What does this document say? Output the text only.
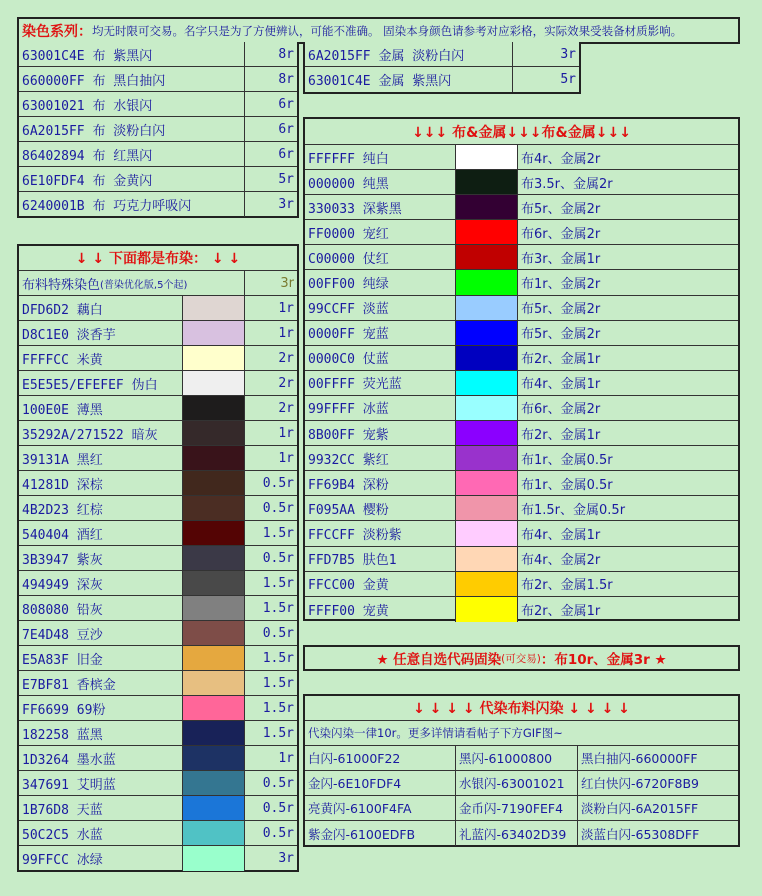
染色系列： 均无时限可交易。名字只是为了方便辨认，可能不准确。 固染本身颜色请参考对应彩格，实际效果受装备材质影响。
63001C4E 布 紫黑闪	8r
660000FF 布 黑白抽闪	8r
63001021 布 水银闪	6r
6A2015FF 布 淡粉白闪	6r
86402894 布 红黑闪	6r
6E10FDF4 布 金黄闪	5r
6240001B 布 巧克力呼吸闪	3r
6A2015FF 金属 淡粉白闪	3r
63001C4E 金属 紫黑闪	5r
↓ ↓ 下面都是布染： ↓ ↓
布料特殊染色 (普染优化版,5个起)	3r
DFD6D2 藕白	1r
D8C1E0 淡香芋	1r
FFFFCC 米黄	2r
E5E5E5/EFEFEF 伪白	2r
100E0E 薄黑	2r
35292A/271522 暗灰	1r
39131A 黑红	1r
41281D 深棕	0.5r
4B2D23 红棕	0.5r
540404 酒红	1.5r
3B3947 紫灰	0.5r
494949 深灰	1.5r
808080 铅灰	1.5r
7E4D48 豆沙	0.5r
E5A83F 旧金	1.5r
E7BF81 香槟金	1.5r
FF6699 69粉	1.5r
182258 蓝黑	1.5r
1D3264 墨水蓝	1r
347691 艾明蓝	0.5r
1B76D8 天蓝	0.5r
50C2C5 水蓝	0.5r
99FFCC 冰绿	3r
↓↓↓ 布&金属↓↓↓布&金属↓↓↓
FFFFFF 纯白	布4r、金属2r
000000 纯黑	布3.5r、金属2r
330033 深紫黑	布5r、金属2r
FF0000 宠红	布6r、金属2r
C00000 仗红	布3r、金属1r
00FF00 纯绿	布1r、金属2r
99CCFF 淡蓝	布5r、金属2r
0000FF 宠蓝	布5r、金属2r
0000C0 仗蓝	布2r、金属1r
00FFFF 荧光蓝	布4r、金属1r
99FFFF 冰蓝	布6r、金属2r
8B00FF 宠紫	布2r、金属1r
9932CC 紫红	布1r、金属0.5r
FF69B4 深粉	布1r、金属0.5r
F095AA 樱粉	布1.5r、金属0.5r
FFCCFF 淡粉紫	布4r、金属1r
FFD7B5 肤色1	布4r、金属2r
FFCC00 金黄	布2r、金属1.5r
FFFF00 宠黄	布2r、金属1r
★ 任意自选代码固染 (可交易) ：布10r、金属3r ★
↓ ↓ ↓ ↓ 代染布料闪染 ↓ ↓ ↓ ↓
代染闪染一律10r。更多详情请看帖子下方GIF图~
白闪-61000F22	黑闪-61000800	黑白抽闪-660000FF
金闪-6E10FDF4	水银闪-63001021	红白快闪-6720F8B9
亮黄闪-6100F4FA	金币闪-7190FEF4	淡粉白闪-6A2015FF
紫金闪-6100EDFB	礼蓝闪-63402D39	淡蓝白闪-65308DFF
